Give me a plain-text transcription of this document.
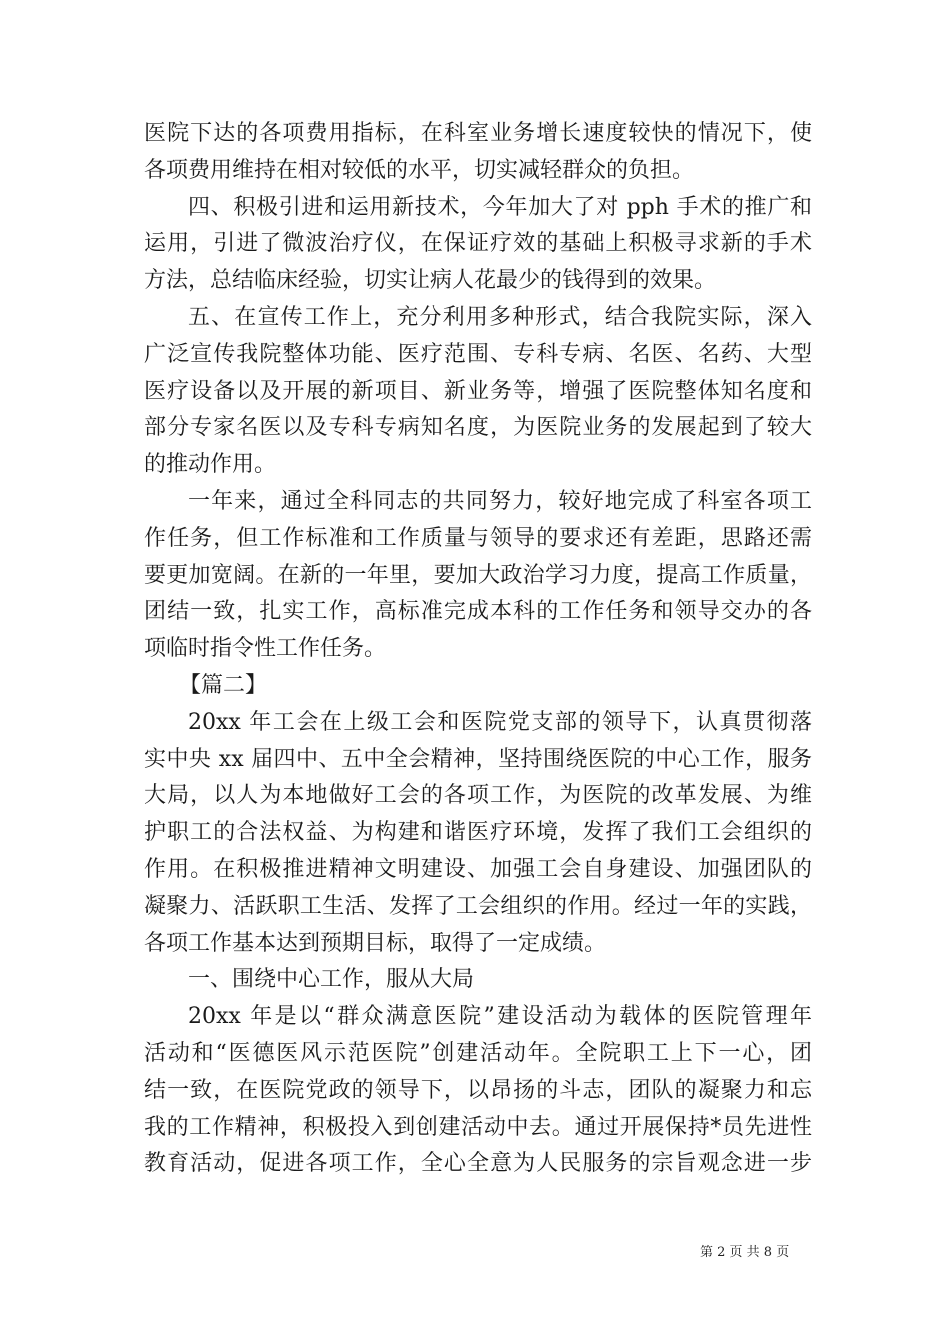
医院下达的各项费用指标，在科室业务增长速度较快的情况下，使
各项费用维持在相对较低的水平，切实减轻群众的负担。
四、积极引进和运用新技术，今年加大了对 pph 手术的推广和
运用，引进了微波治疗仪，在保证疗效的基础上积极寻求新的手术
方法，总结临床经验，切实让病人花最少的钱得到的效果。
五、在宣传工作上，充分利用多种形式，结合我院实际，深入
广泛宣传我院整体功能、医疗范围、专科专病、名医、名药、大型
医疗设备以及开展的新项目、新业务等，增强了医院整体知名度和
部分专家名医以及专科专病知名度，为医院业务的发展起到了较大
的推动作用。
一年来，通过全科同志的共同努力，较好地完成了科室各项工
作任务，但工作标准和工作质量与领导的要求还有差距，思路还需
要更加宽阔。在新的一年里，要加大政治学习力度，提高工作质量，
团结一致，扎实工作，高标准完成本科的工作任务和领导交办的各
项临时指令性工作任务。
【篇二】
20xx 年工会在上级工会和医院党支部的领导下，认真贯彻落
实中央 xx 届四中、五中全会精神，坚持围绕医院的中心工作，服务
大局，以人为本地做好工会的各项工作，为医院的改革发展、为维
护职工的合法权益、为构建和谐医疗环境，发挥了我们工会组织的
作用。在积极推进精神文明建设、加强工会自身建设、加强团队的
凝聚力、活跃职工生活、发挥了工会组织的作用。经过一年的实践，
各项工作基本达到预期目标，取得了一定成绩。
一、围绕中心工作，服从大局
20xx 年是以“群众满意医院”建设活动为载体的医院管理年
活动和“医德医风示范医院”创建活动年。全院职工上下一心，团
结一致，在医院党政的领导下，以昂扬的斗志，团队的凝聚力和忘
我的工作精神，积极投入到创建活动中去。通过开展保持*员先进性
教育活动，促进各项工作，全心全意为人民服务的宗旨观念进一步
第 2 页 共 8 页
